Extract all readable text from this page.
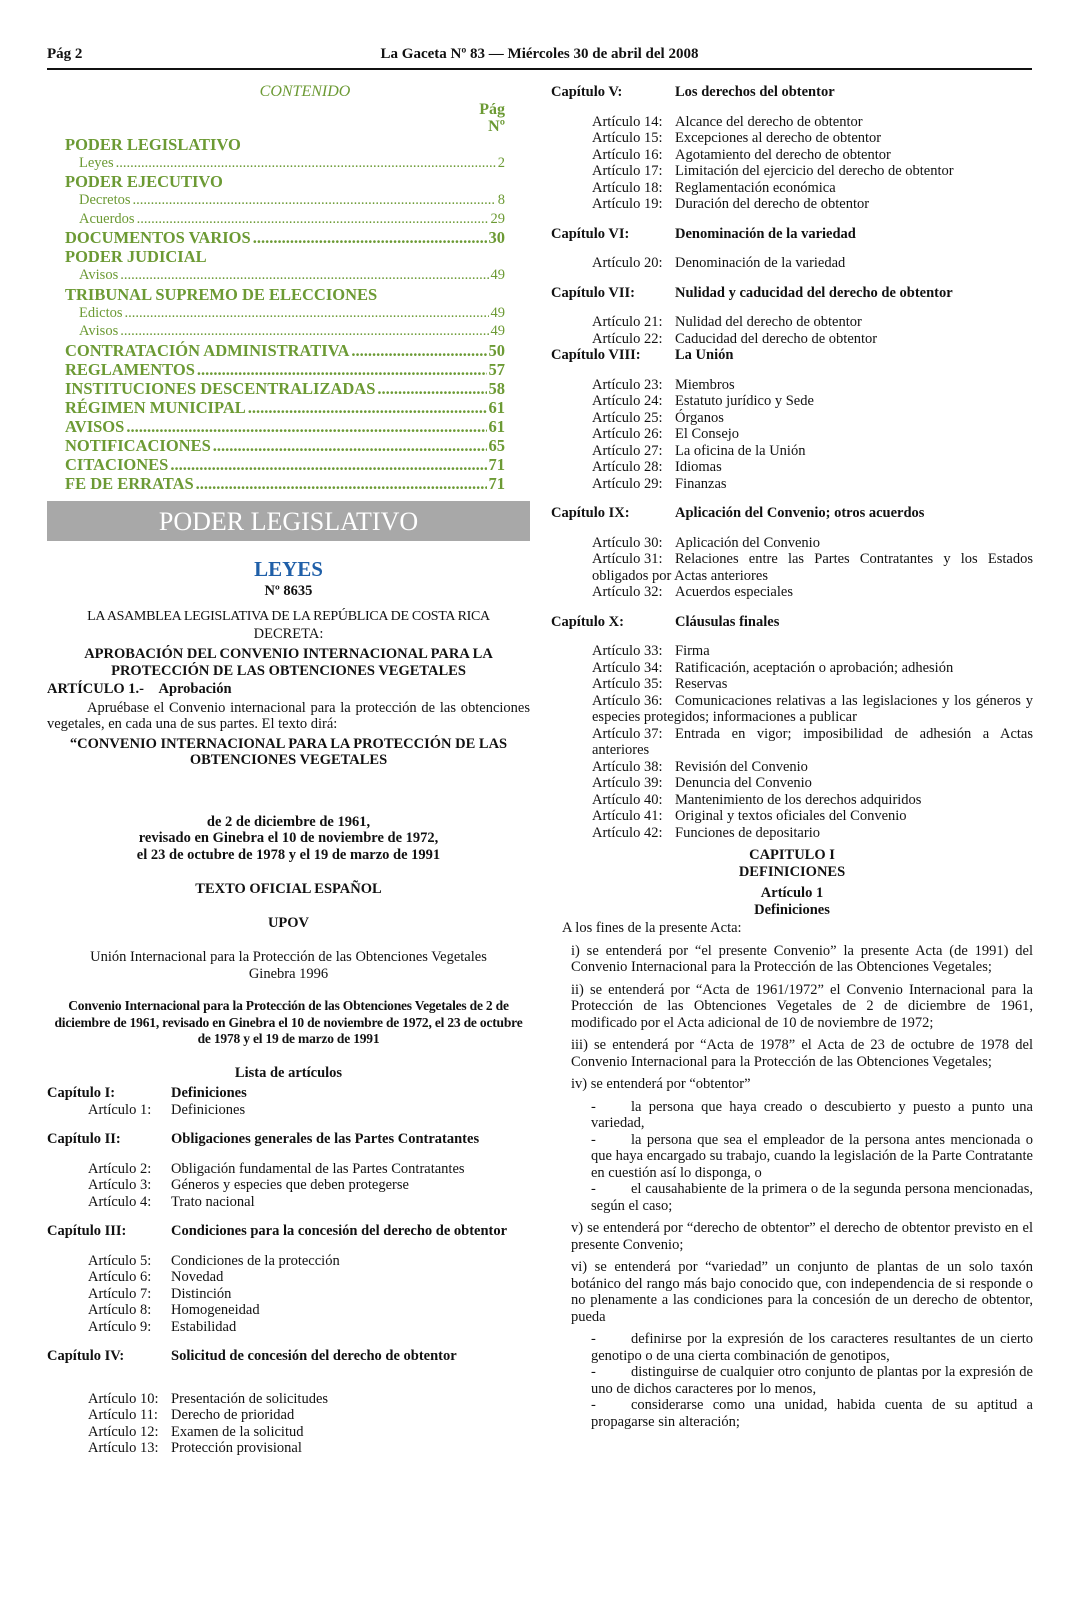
Pág 2	La Gaceta Nº 83 — Miércoles 30 de abril del 2008
CONTENIDO
Pág
Nº
PODER LEGISLATIVO
Leyes .....	2
PODER EJECUTIVO
Decretos .....	8
Acuerdos .....	29
DOCUMENTOS VARIOS .....	30
PODER JUDICIAL
Avisos .....	49
TRIBUNAL SUPREMO DE ELECCIONES
Edictos .....	49
Avisos .....	49
CONTRATACIÓN ADMINISTRATIVA .....	50
REGLAMENTOS .....	57
INSTITUCIONES DESCENTRALIZADAS .....	58
RÉGIMEN MUNICIPAL .....	61
AVISOS .....	61
NOTIFICACIONES .....	65
CITACIONES .....	71
FE DE ERRATAS .....	71
PODER LEGISLATIVO
LEYES
Nº 8635
LA ASAMBLEA LEGISLATIVA DE LA REPÚBLICA DE COSTA RICA
DECRETA:
APROBACIÓN DEL CONVENIO INTERNACIONAL PARA LA PROTECCIÓN DE LAS OBTENCIONES VEGETALES
ARTÍCULO 1.- Aprobación
Apruébase el Convenio internacional para la protección de las obtenciones vegetales, en cada una de sus partes. El texto dirá:
“CONVENIO INTERNACIONAL PARA LA PROTECCIÓN DE LAS OBTENCIONES VEGETALES
de 2 de diciembre de 1961,
revisado en Ginebra el 10 de noviembre de 1972,
el 23 de octubre de 1978 y el 19 de marzo de 1991
TEXTO OFICIAL ESPAÑOL
UPOV
Unión Internacional para la Protección de las Obtenciones Vegetales
Ginebra 1996
Convenio Internacional para la Protección de las Obtenciones Vegetales de 2 de diciembre de 1961, revisado en Ginebra el 10 de noviembre de 1972, el 23 de octubre de 1978 y el 19 de marzo de 1991
Lista de artículos
Capítulo I:	Definiciones
Artículo 1:	Definiciones
Capítulo II:	Obligaciones generales de las Partes Contratantes
Artículo 2:	Obligación fundamental de las Partes Contratantes
Artículo 3:	Géneros y especies que deben protegerse
Artículo 4:	Trato nacional
Capítulo III:	Condiciones para la concesión del derecho de obtentor
Artículo 5:	Condiciones de la protección
Artículo 6:	Novedad
Artículo 7:	Distinción
Artículo 8:	Homogeneidad
Artículo 9:	Estabilidad
Capítulo IV:	Solicitud de concesión del derecho de obtentor
Artículo 10: Presentación de solicitudes
Artículo 11: Derecho de prioridad
Artículo 12: Examen de la solicitud
Artículo 13: Protección provisional
Capítulo V:	Los derechos del obtentor
Artículo 14: Alcance del derecho de obtentor
Artículo 15: Excepciones al derecho de obtentor
Artículo 16: Agotamiento del derecho de obtentor
Artículo 17: Limitación del ejercicio del derecho de obtentor
Artículo 18: Reglamentación económica
Artículo 19: Duración del derecho de obtentor
Capítulo VI:	Denominación de la variedad
Artículo 20: Denominación de la variedad
Capítulo VII:	Nulidad y caducidad del derecho de obtentor
Artículo 21: Nulidad del derecho de obtentor
Artículo 22: Caducidad del derecho de obtentor
Capítulo VIII:	La Unión
Artículo 23: Miembros
Artículo 24: Estatuto jurídico y Sede
Artículo 25: Órganos
Artículo 26: El Consejo
Artículo 27: La oficina de la Unión
Artículo 28: Idiomas
Artículo 29: Finanzas
Capítulo IX:	Aplicación del Convenio; otros acuerdos
Artículo 30: Aplicación del Convenio
Artículo 31: Relaciones entre las Partes Contratantes y los Estados obligados por Actas anteriores
Artículo 32: Acuerdos especiales
Capítulo X:	Cláusulas finales
Artículo 33: Firma
Artículo 34: Ratificación, aceptación o aprobación; adhesión
Artículo 35: Reservas
Artículo 36: Comunicaciones relativas a las legislaciones y los géneros y especies protegidos; informaciones a publicar
Artículo 37: Entrada en vigor; imposibilidad de adhesión a Actas anteriores
Artículo 38: Revisión del Convenio
Artículo 39: Denuncia del Convenio
Artículo 40: Mantenimiento de los derechos adquiridos
Artículo 41: Original y textos oficiales del Convenio
Artículo 42: Funciones de depositario
CAPITULO I
DEFINICIONES
Artículo 1
Definiciones
A los fines de la presente Acta:
i) se entenderá por “el presente Convenio” la presente Acta (de 1991) del Convenio Internacional para la Protección de las Obtenciones Vegetales;
ii) se entenderá por “Acta de 1961/1972” el Convenio Internacional para la Protección de las Obtenciones Vegetales de 2 de diciembre de 1961, modificado por el Acta adicional de 10 de noviembre de 1972;
iii) se entenderá por “Acta de 1978” el Acta de 23 de octubre de 1978 del Convenio Internacional para la Protección de las Obtenciones Vegetales;
iv) se entenderá por “obtentor”
- la persona que haya creado o descubierto y puesto a punto una variedad,
- la persona que sea el empleador de la persona antes mencionada o que haya encargado su trabajo, cuando la legislación de la Parte Contratante en cuestión así lo disponga, o
- el causahabiente de la primera o de la segunda persona mencionadas, según el caso;
v) se entenderá por “derecho de obtentor” el derecho de obtentor previsto en el presente Convenio;
vi) se entenderá por “variedad” un conjunto de plantas de un solo taxón botánico del rango más bajo conocido que, con independencia de si responde o no plenamente a las condiciones para la concesión de un derecho de obtentor, pueda
- definirse por la expresión de los caracteres resultantes de un cierto genotipo o de una cierta combinación de genotipos,
- distinguirse de cualquier otro conjunto de plantas por la expresión de uno de dichos caracteres por lo menos,
- considerarse como una unidad, habida cuenta de su aptitud a propagarse sin alteración;
